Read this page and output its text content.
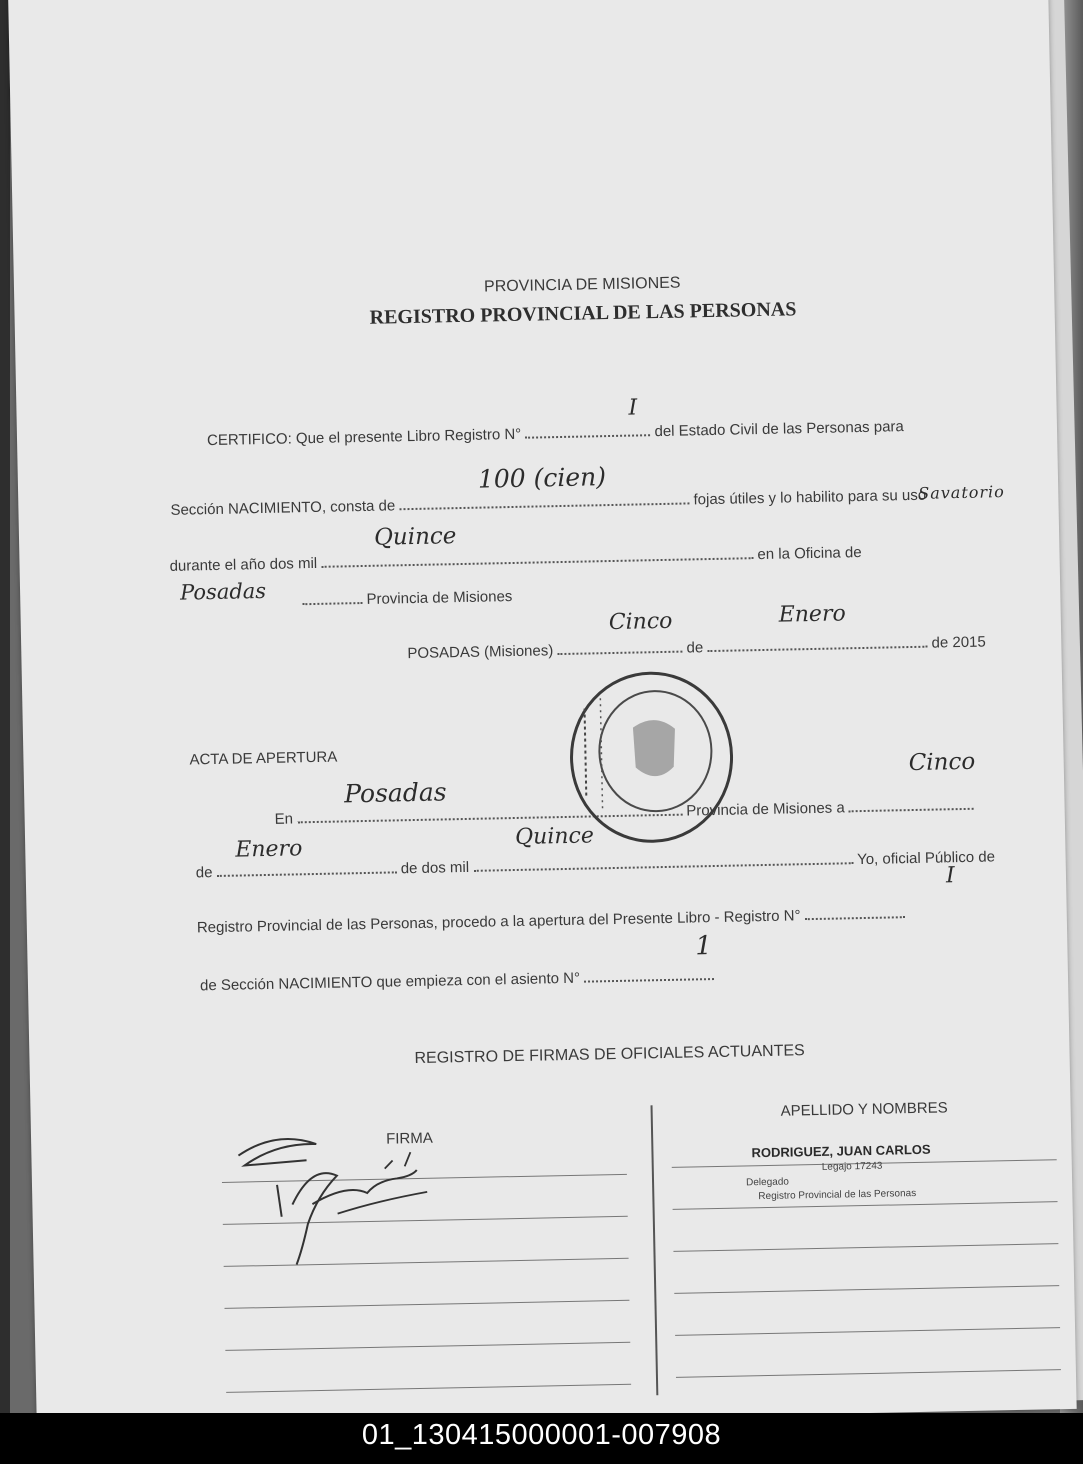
PROVINCIA DE MISIONES
REGISTRO PROVINCIAL DE LAS PERSONAS
CERTIFICO: Que el presente Libro Registro N°	del Estado Civil de las Personas para
I
Sección NACIMIENTO, consta de	fojas útiles y lo habilito para su uso
100 (cien)
durante el año dos mil  en la Oficina de
Quince
Savatorio
Provincia de Misiones
Posadas
POSADAS (Misiones)	de	de 2015
Cinco	Enero
ACTA DE APERTURA
En	Provincia de Misiones a
Posadas
Cinco
de	de dos mil	Yo, oficial Público de
Enero	Quince
Registro Provincial de las Personas, procedo a la apertura del Presente Libro - Registro N°
I
de Sección NACIMIENTO que empieza con el asiento N°
1
REGISTRO DE FIRMAS DE OFICIALES ACTUANTES
FIRMA
APELLIDO Y NOMBRES
RODRIGUEZ, JUAN CARLOS
Legajo 17243
Delegado
Registro Provincial de las Personas
01_130415000001-007908
